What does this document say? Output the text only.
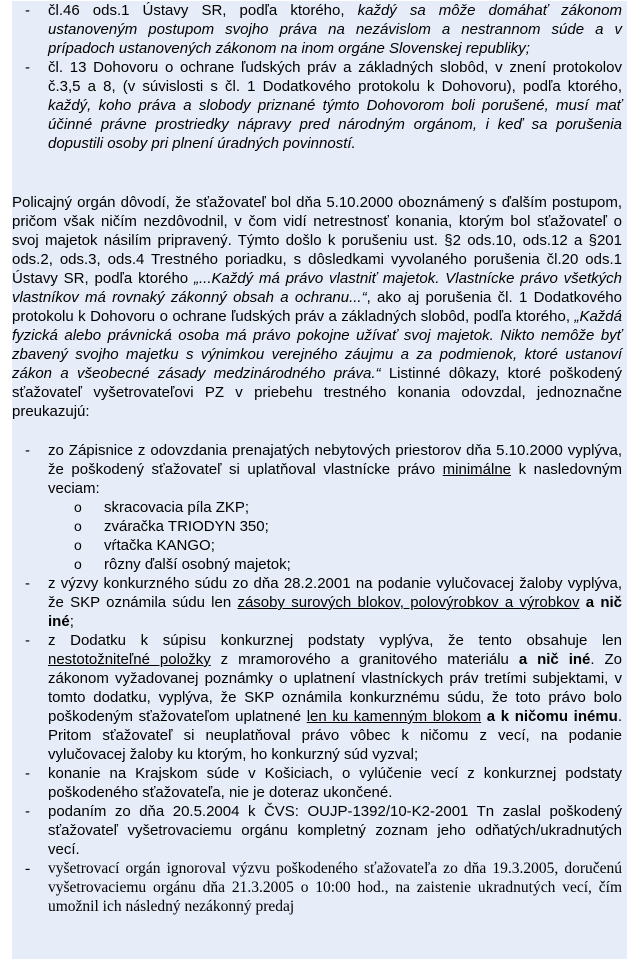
- čl.46 ods.1 Ústavy SR, podľa ktorého, každý sa môže domáhať zákonom ustanoveným postupom svojho práva na nezávislom a nestrannom súde a v prípadoch ustanovených zákonom na inom orgáne Slovenskej republiky;
- čl. 13 Dohovoru o ochrane ľudských práv a základných slobôd, v znení protokolov č.3,5 a 8, (v súvislosti s čl. 1 Dodatkového protokolu k Dohovoru), podľa ktorého, každý, koho práva a slobody priznané týmto Dohovorom boli porušené, musí mať účinné právne prostriedky nápravy pred národným orgánom, i keď sa porušenia dopustili osoby pri plnení úradných povinností.

Policajný orgán dôvodí, že sťažovateľ bol dňa 5.10.2000 oboznámený s ďalším postupom, pričom však ničím nezdôvodnil, v čom vidí netrestnosť konania, ktorým bol sťažovateľ o svoj majetok násilím pripravený. Týmto došlo k porušeniu ust. §2 ods.10, ods.12 a §201 ods.2, ods.3, ods.4 Trestného poriadku, s dôsledkami vyvolaného porušenia čl.20 ods.1 Ústavy SR, podľa ktorého „...Každý má právo vlastniť majetok. Vlastnícke právo všetkých vlastníkov má rovnaký zákonný obsah a ochranu...“, ako aj porušenia čl. 1 Dodatkového protokolu k Dohovoru o ochrane ľudských práv a základných slobôd, podľa ktorého, „Každá fyzická alebo právnická osoba má právo pokojne užívať svoj majetok. Nikto nemôže byť zbavený svojho majetku s výnimkou verejného záujmu a za podmienok, ktoré ustanoví zákon a všeobecné zásady medzinárodného práva.“ Listinné dôkazy, ktoré poškodený sťažovateľ vyšetrovateľovi PZ v priebehu trestného konania odovzdal, jednoznačne preukazujú:

- zo Zápisnice z odovzdania prenajatých nebytových priestorov dňa 5.10.2000 vyplýva, že poškodený sťažovateľ si uplatňoval vlastnícke právo minimálne k nasledovným veciam:
o skracovacia píla ZKP;
o zváračka TRIODYN 350;
o vŕtačka KANGO;
o rôzny ďalší osobný majetok;
- z výzvy konkurzného súdu zo dňa 28.2.2001 na podanie vylučovacej žaloby vyplýva, že SKP oznámila súdu len zásoby surových blokov, polovýrobkov a výrobkov a nič iné;
- z Dodatku k súpisu konkurznej podstaty vyplýva, že tento obsahuje len nestotožniteľné položky z mramorového a granitového materiálu a nič iné. Zo zákonom vyžadovanej poznámky o uplatnení vlastníckych práv tretími subjektami, v tomto dodatku, vyplýva, že SKP oznámila konkurznému súdu, že toto právo bolo poškodeným sťažovateľom uplatnené len ku kamenným blokom a k ničomu inému. Pritom sťažovateľ si neuplatňoval právo vôbec k ničomu z vecí, na podanie vylučovacej žaloby ku ktorým, ho konkurzný súd vyzval;
- konanie na Krajskom súde v Košiciach, o vylúčenie vecí z konkurznej podstaty poškodeného sťažovateľa, nie je doteraz ukončené.
- podaním zo dňa 20.5.2004 k ČVS: OUJP-1392/10-K2-2001 Tn zaslal poškodený sťažovateľ vyšetrovaciemu orgánu kompletný zoznam jeho odňatých/ukradnutých vecí.
- vyšetrovací orgán ignoroval výzvu poškodeného sťažovateľa zo dňa 19.3.2005, doručenú vyšetrovaciemu orgánu dňa 21.3.2005 o 10:00 hod., na zaistenie ukradnutých vecí, čím umožnil ich následný nezákonný predaj
